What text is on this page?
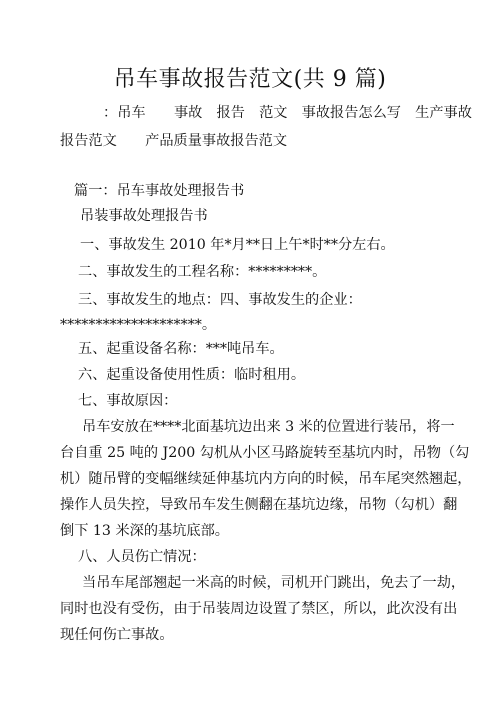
吊车事故报告范文(共 9 篇)
：吊车　　事故　报告　范文　事故报告怎么写　生产事故
报告范文　　产品质量事故报告范文
篇一：吊车事故处理报告书
吊装事故处理报告书
一、事故发生 2010 年*月**日上午*时**分左右。
二、事故发生的工程名称：*********。
三、事故发生的地点：四、事故发生的企业：
********************。
五、起重设备名称：***吨吊车。
六、起重设备使用性质：临时租用。
七、事故原因：
吊车安放在****北面基坑边出来 3 米的位置进行装吊，将一
台自重 25 吨的 J200 勾机从小区马路旋转至基坑内时，吊物（勾
机）随吊臂的变幅继续延伸基坑内方向的时候，吊车尾突然翘起，
操作人员失控，导致吊车发生侧翻在基坑边缘，吊物（勾机）翻
倒下 13 米深的基坑底部。
八、人员伤亡情况：
当吊车尾部翘起一米高的时候，司机开门跳出，免去了一劫，
同时也没有受伤，由于吊装周边设置了禁区，所以，此次没有出
现任何伤亡事故。
